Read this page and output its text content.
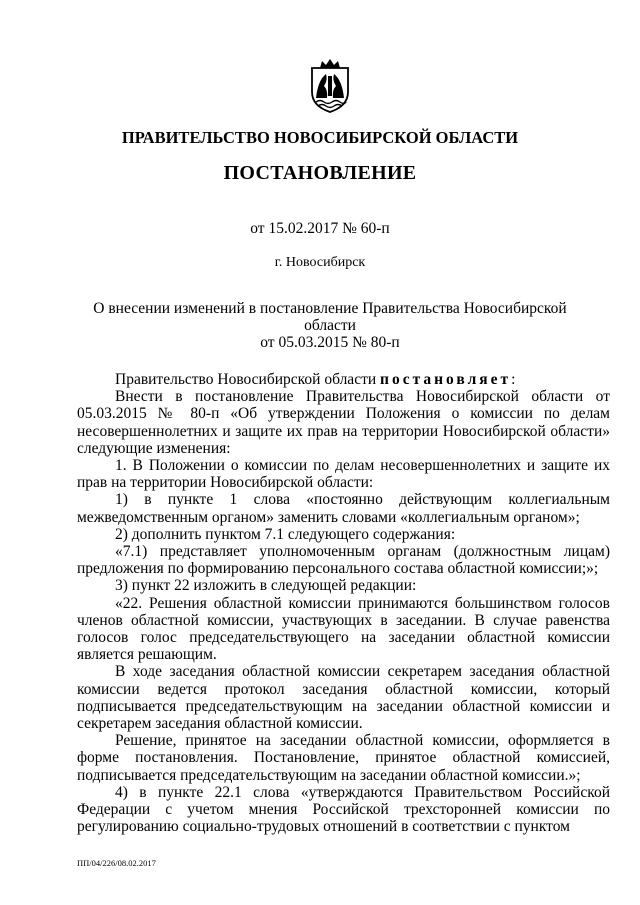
ПРАВИТЕЛЬСТВО НОВОСИБИРСКОЙ ОБЛАСТИ
ПОСТАНОВЛЕНИЕ
от 15.02.2017 № 60-п
г. Новосибирск
О внесении изменений в постановление Правительства Новосибирской области
от 05.03.2015 № 80-п

Правительство Новосибирской области постановляет:

Внести в постановление Правительства Новосибирской области от 05.03.2015 № 80-п «Об утверждении Положения о комиссии по делам несовершеннолетних и защите их прав на территории Новосибирской области» следующие изменения:

1. В Положении о комиссии по делам несовершеннолетних и защите их прав на территории Новосибирской области:

1) в пункте 1 слова «постоянно действующим коллегиальным межведомственным органом» заменить словами «коллегиальным органом»;

2) дополнить пунктом 7.1 следующего содержания:

«7.1) представляет уполномоченным органам (должностным лицам) предложения по формированию персонального состава областной комиссии;»;

3) пункт 22 изложить в следующей редакции:

«22. Решения областной комиссии принимаются большинством голосов членов областной комиссии, участвующих в заседании. В случае равенства голосов голос председательствующего на заседании областной комиссии является решающим.

В ходе заседания областной комиссии секретарем заседания областной комиссии ведется протокол заседания областной комиссии, который подписывается председательствующим на заседании областной комиссии и секретарем заседания областной комиссии.

Решение, принятое на заседании областной комиссии, оформляется в форме постановления. Постановление, принятое областной комиссией, подписывается председательствующим на заседании областной комиссии.»;

4) в пункте 22.1 слова «утверждаются Правительством Российской Федерации с учетом мнения Российской трехсторонней комиссии по регулированию социально-трудовых отношений в соответствии с пунктом

ПП/04/226/08.02.2017
